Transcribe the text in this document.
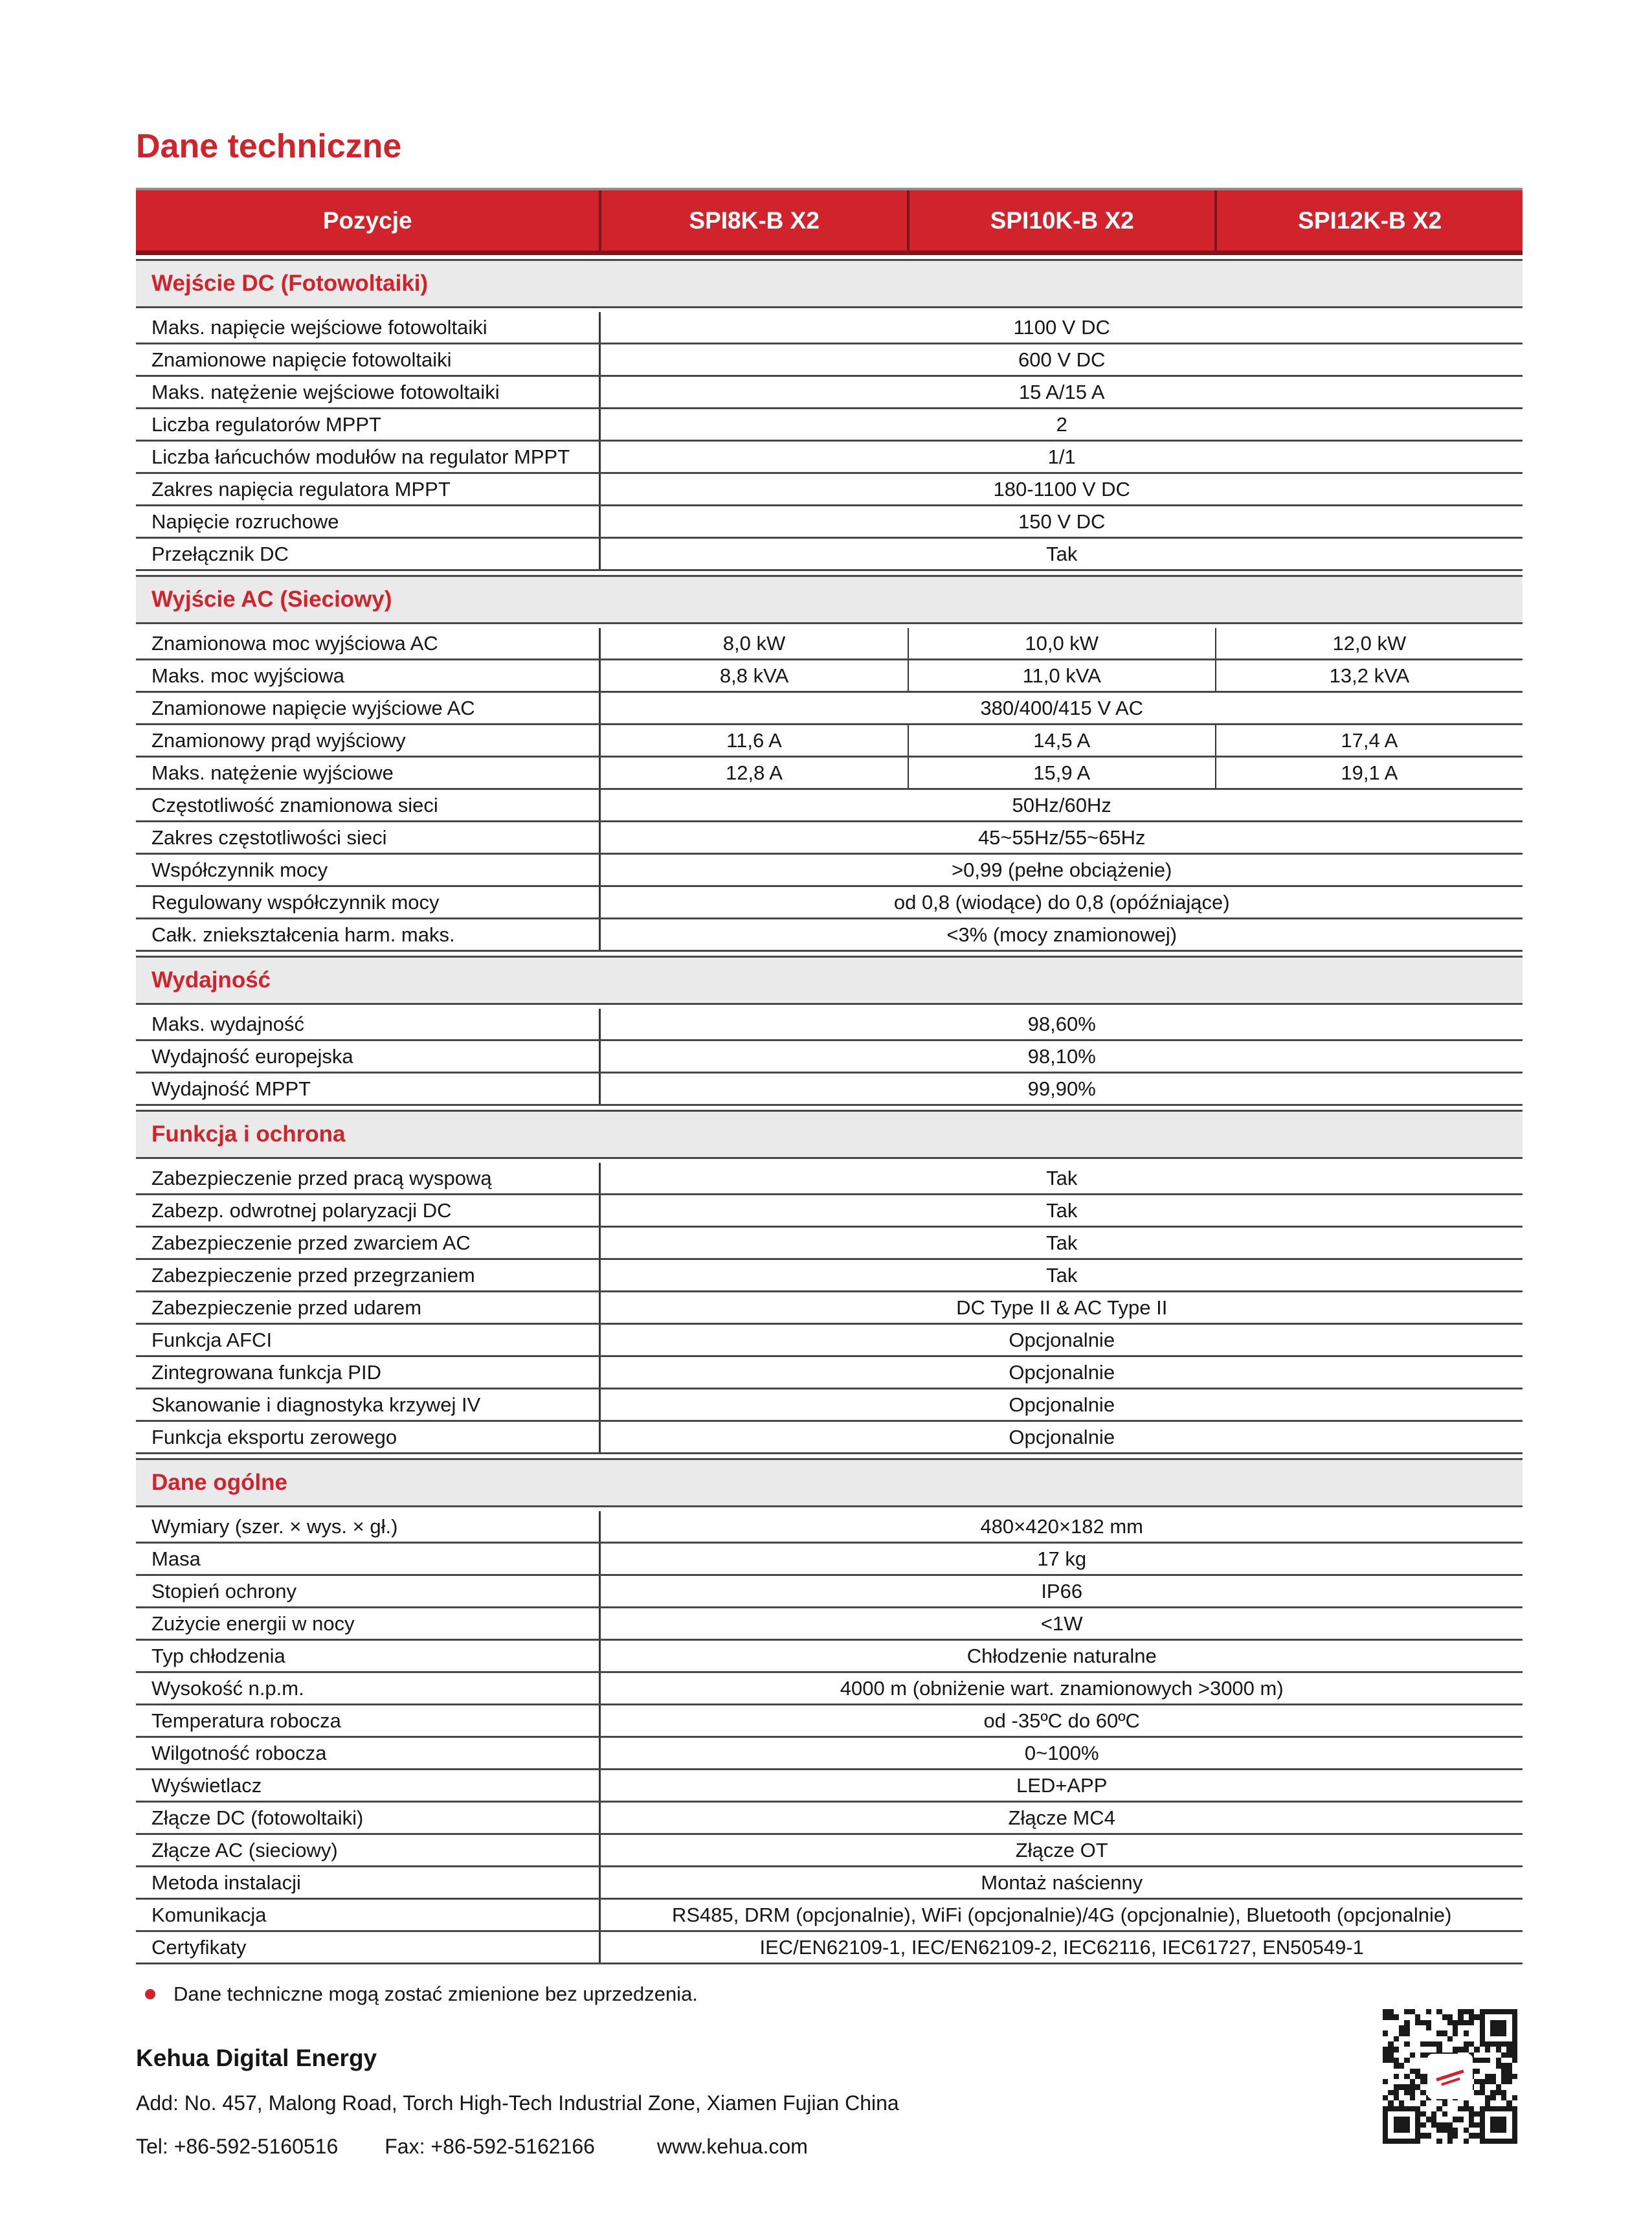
Dane techniczne
Pozycje	SPI8K-B X2	SPI10K-B X2	SPI12K-B X2
Wejście DC (Fotowoltaiki)
Maks. napięcie wejściowe fotowoltaiki	1100 V DC
Znamionowe napięcie fotowoltaiki	600 V DC
Maks. natężenie wejściowe fotowoltaiki	15 A/15 A
Liczba regulatorów MPPT	2
Liczba łańcuchów modułów na regulator MPPT	1/1
Zakres napięcia regulatora MPPT	180-1100 V DC
Napięcie rozruchowe	150 V DC
Przełącznik DC	Tak
Wyjście AC (Sieciowy)
Znamionowa moc wyjściowa AC	8,0 kW	10,0 kW	12,0 kW
Maks. moc wyjściowa	8,8 kVA	11,0 kVA	13,2 kVA
Znamionowe napięcie wyjściowe AC	380/400/415 V AC
Znamionowy prąd wyjściowy	11,6 A	14,5 A	17,4 A
Maks. natężenie wyjściowe	12,8 A	15,9 A	19,1 A
Częstotliwość znamionowa sieci	50Hz/60Hz
Zakres częstotliwości sieci	45~55Hz/55~65Hz
Współczynnik mocy	>0,99 (pełne obciążenie)
Regulowany współczynnik mocy	od 0,8 (wiodące) do 0,8 (opóźniające)
Całk. zniekształcenia harm. maks.	<3% (mocy znamionowej)
Wydajność
Maks. wydajność	98,60%
Wydajność europejska	98,10%
Wydajność MPPT	99,90%
Funkcja i ochrona
Zabezpieczenie przed pracą wyspową	Tak
Zabezp. odwrotnej polaryzacji DC	Tak
Zabezpieczenie przed zwarciem AC	Tak
Zabezpieczenie przed przegrzaniem	Tak
Zabezpieczenie przed udarem	DC Type II & AC Type II
Funkcja AFCI	Opcjonalnie
Zintegrowana funkcja PID	Opcjonalnie
Skanowanie i diagnostyka krzywej IV	Opcjonalnie
Funkcja eksportu zerowego	Opcjonalnie
Dane ogólne
Wymiary (szer. × wys. × gł.)	480×420×182 mm
Masa	17 kg
Stopień ochrony	IP66
Zużycie energii w nocy	<1W
Typ chłodzenia	Chłodzenie naturalne
Wysokość n.p.m.	4000 m (obniżenie wart. znamionowych >3000 m)
Temperatura robocza	od -35ºC do 60ºC
Wilgotność robocza	0~100%
Wyświetlacz	LED+APP
Złącze DC (fotowoltaiki)	Złącze MC4
Złącze AC (sieciowy)	Złącze OT
Metoda instalacji	Montaż naścienny
Komunikacja	RS485, DRM (opcjonalnie), WiFi (opcjonalnie)/4G (opcjonalnie), Bluetooth (opcjonalnie)
Certyfikaty	IEC/EN62109-1, IEC/EN62109-2, IEC62116, IEC61727, EN50549-1
Dane techniczne mogą zostać zmienione bez uprzedzenia.
Kehua Digital Energy
Add: No. 457, Malong Road, Torch High-Tech Industrial Zone, Xiamen Fujian China
Tel: +86-592-5160516 Fax: +86-592-5162166	www.kehua.com
